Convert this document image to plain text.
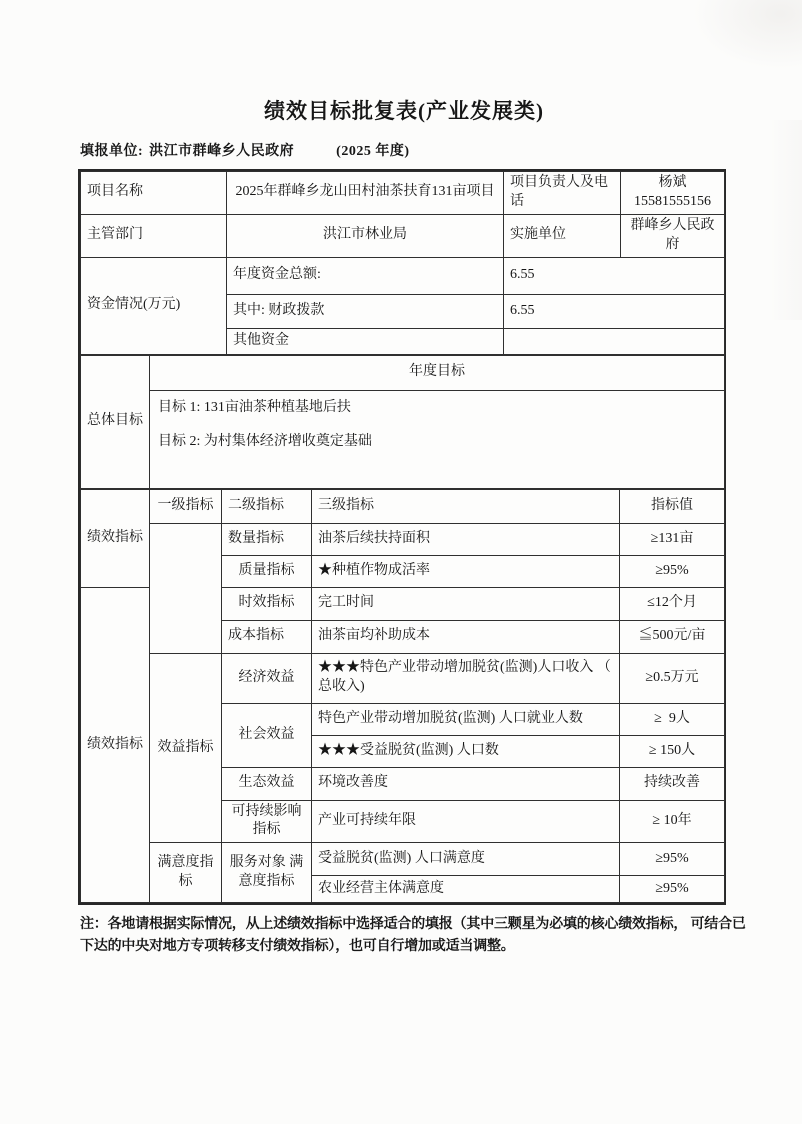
绩效目标批复表(产业发展类)
填报单位: 洪江市群峰乡人民政府	(2025 年度)
项目名称	2025年群峰乡龙山田村油茶扶育131亩项目	项目负责人及电话	杨斌15581555156
主管部门	洪江市林业局	实施单位	群峰乡人民政府
资金情况(万元)	年度资金总额:	6.55	
	其中: 财政拨款	6.55	
	其他资金		
总体目标	年度目标

目标 1: 131亩油茶种植基地后扶
目标 2: 为村集体经济增收奠定基础
绩效指标	一级指标	二级指标	三级指标	指标值
		数量指标	油茶后续扶持面积	≥131亩
		质量指标	★种植作物成活率	≥95%
绩效指标		时效指标	完工时间	≤12个月
		成本指标	油茶亩均补助成本	≦500元/亩
	效益指标	经济效益	★★★特色产业带动增加脱贫(监测)人口收入 （ 总收入)	≥0.5万元
		社会效益	特色产业带动增加脱贫(监测) 人口就业人数	≥  9人
			★★★受益脱贫(监测) 人口数	≥ 150人
		生态效益	环境改善度	持续改善
		可持续影响指标	产业可持续年限	≥ 10年
	满意度指标	服务对象 满意度指标	受益脱贫(监测) 人口满意度	≥95%
			农业经营主体满意度	≥95%

注：各地请根据实际情况，从上述绩效指标中选择适合的填报（其中三颗星为必填的核心绩效指标， 可结合已下达的中央对地方专项转移支付绩效指标），也可自行增加或适当调整。
